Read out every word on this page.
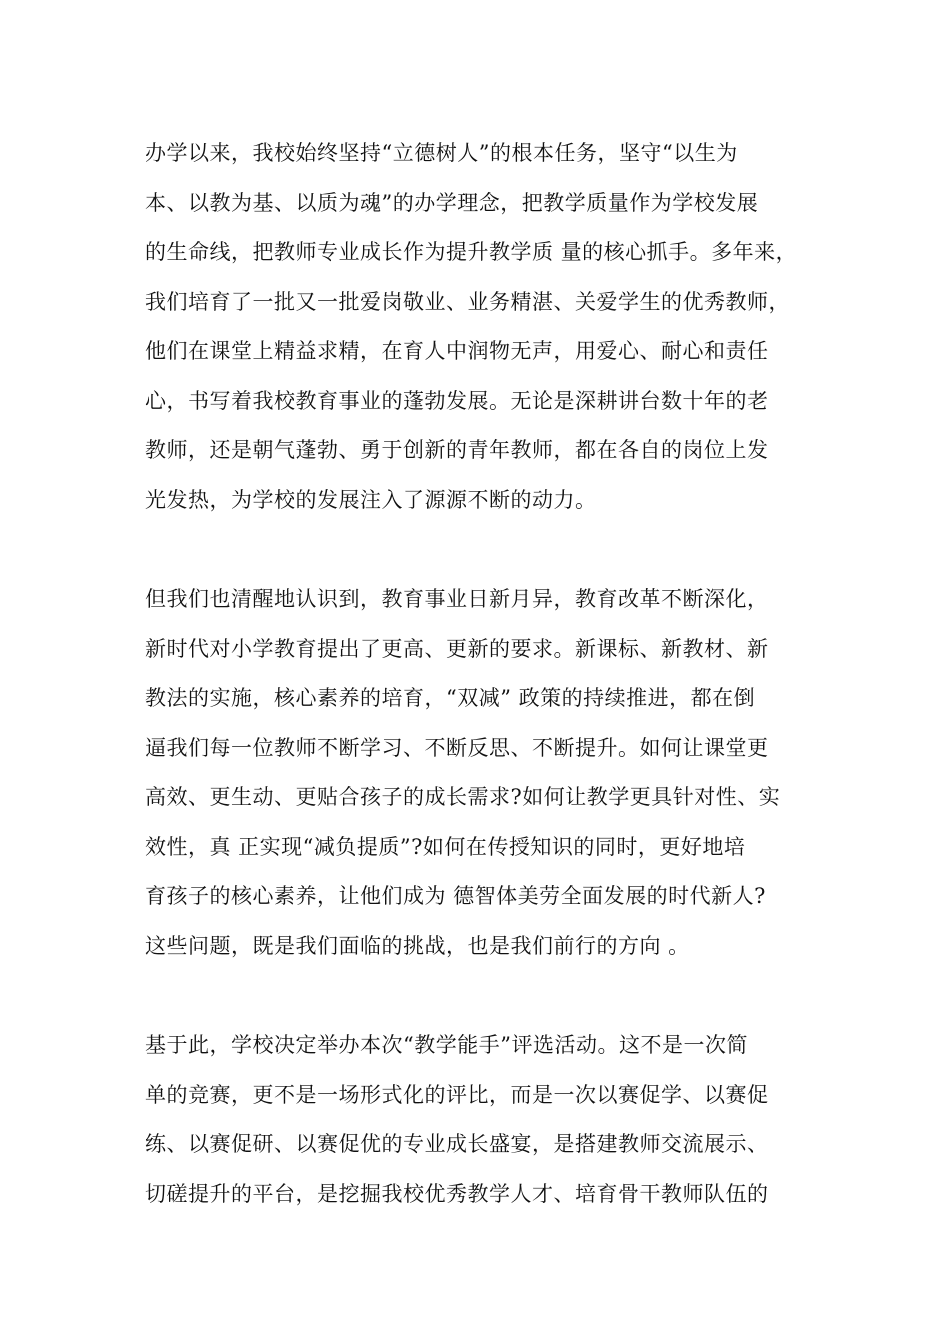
办学以来，我校始终坚持“立德树人”的根本任务，坚守“以生为
本、以教为基、以质为魂”的办学理念，把教学质量作为学校发展
的生命线，把教师专业成长作为提升教学质 量的核心抓手。多年来，
我们培育了一批又一批爱岗敬业、业务精湛、关爱学生的优秀教师，
他们在课堂上精益求精，在育人中润物无声，用爱心、耐心和责任
心，书写着我校教育事业的蓬勃发展。无论是深耕讲台数十年的老
教师，还是朝气蓬勃、勇于创新的青年教师，都在各自的岗位上发
光发热，为学校的发展注入了源源不断的动力。
但我们也清醒地认识到，教育事业日新月异，教育改革不断深化，
新时代对小学教育提出了更高、更新的要求。新课标、新教材、新
教法的实施，核心素养的培育，“双减” 政策的持续推进，都在倒
逼我们每一位教师不断学习、不断反思、不断提升。如何让课堂更
高效、更生动、更贴合孩子的成长需求?如何让教学更具针对性、实
效性，真 正实现“减负提质”?如何在传授知识的同时，更好地培
育孩子的核心素养，让他们成为 德智体美劳全面发展的时代新人?
这些问题，既是我们面临的挑战，也是我们前行的方向 。
基于此，学校决定举办本次“教学能手”评选活动。这不是一次简
单的竞赛，更不是一场形式化的评比，而是一次以赛促学、以赛促
练、以赛促研、以赛促优的专业成长盛宴，是搭建教师交流展示、
切磋提升的平台，是挖掘我校优秀教学人才、培育骨干教师队伍的
